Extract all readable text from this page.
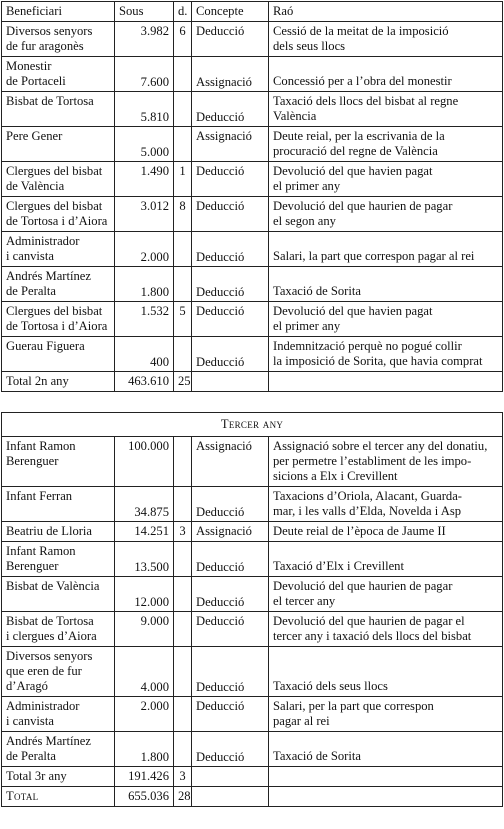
Beneficiari	Sous	d.	Concepte	Raó
Diversos senyors
de fur aragonès	3.982	6	Deducció	Cessió de la meitat de la imposició
dels seus llocs
Monestir
de Portaceli	7.600		Assignació	Concessió per a l’obra del monestir
Bisbat de Tortosa	5.810		Deducció	Taxació dels llocs del bisbat al regne
València
Pere Gener	5.000		Assignació	Deute reial, per la escrivania de la
procuració del regne de València
Clergues del bisbat
de València	1.490	1	Deducció	Devolució del que havien pagat
el primer any
Clergues del bisbat
de Tortosa i d’Aiora	3.012	8	Deducció	Devolució del que haurien de pagar
el segon any
Administrador
i canvista	2.000		Deducció	Salari, la part que correspon pagar al rei
Andrés Martínez
de Peralta	1.800		Deducció	Taxació de Sorita
Clergues del bisbat
de Tortosa i d’Aiora	1.532	5	Deducció	Devolució del que havien pagat
el primer any
Guerau Figuera	400		Deducció	Indemnització perquè no pogué collir
la imposició de Sorita, que havia comprat
Total 2n any	463.610	25		
Tercer any				
Infant Ramon
Berenguer	100.000		Assignació	Assignació sobre el tercer any del donatiu,
per permetre l’establiment de les impo-
sicions a Elx i Crevillent
Infant Ferran	34.875		Deducció	Taxacions d’Oriola, Alacant, Guarda-
mar, i les valls d’Elda, Novelda i Asp
Beatriu de Lloria	14.251	3	Assignació	Deute reial de l’època de Jaume II
Infant Ramon
Berenguer	13.500		Deducció	Taxació d’Elx i Crevillent
Bisbat de València	12.000		Deducció	Devolució del que haurien de pagar
el tercer any
Bisbat de Tortosa
i clergues d’Aiora	9.000		Deducció	Devolució del que haurien de pagar el
tercer any i taxació dels llocs del bisbat
Diversos senyors
que eren de fur
d’Aragó	4.000		Deducció	Taxació dels seus llocs
Administrador
i canvista	2.000		Deducció	Salari, per la part que correspon
pagar al rei
Andrés Martínez
de Peralta	1.800		Deducció	Taxació de Sorita
Total 3r any	191.426	3		
Total	655.036	28		
